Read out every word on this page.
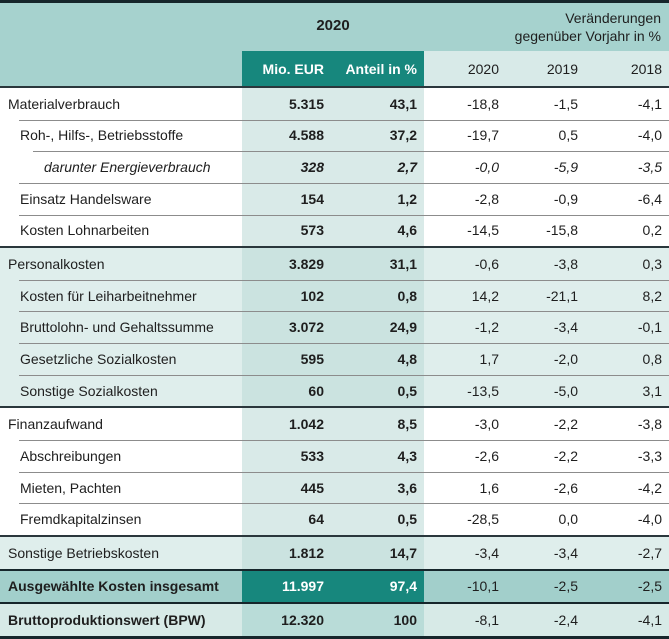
2020	Veränderungen
gegenüber Vorjahr in %
Mio. EUR	Anteil in %	2020	2019	2018
Materialverbrauch	5.315	43,1	-18,8	-1,5	-4,1
Roh-, Hilfs-, Betriebsstoffe	4.588	37,2	-19,7	0,5	-4,0
darunter Energieverbrauch	328	2,7	-0,0	-5,9	-3,5
Einsatz Handelsware	154	1,2	-2,8	-0,9	-6,4
Kosten Lohnarbeiten	573	4,6	-14,5	-15,8	0,2
Personalkosten	3.829	31,1	-0,6	-3,8	0,3
Kosten für Leiharbeitnehmer	102	0,8	14,2	-21,1	8,2
Bruttolohn- und Gehaltssumme	3.072	24,9	-1,2	-3,4	-0,1
Gesetzliche Sozialkosten	595	4,8	1,7	-2,0	0,8
Sonstige Sozialkosten	60	0,5	-13,5	-5,0	3,1
Finanzaufwand	1.042	8,5	-3,0	-2,2	-3,8
Abschreibungen	533	4,3	-2,6	-2,2	-3,3
Mieten, Pachten	445	3,6	1,6	-2,6	-4,2
Fremdkapitalzinsen	64	0,5	-28,5	0,0	-4,0
Sonstige Betriebskosten	1.812	14,7	-3,4	-3,4	-2,7
Ausgewählte Kosten insgesamt	11.997	97,4	-10,1	-2,5	-2,5
Bruttoproduktionswert (BPW)	12.320	100	-8,1	-2,4	-4,1
